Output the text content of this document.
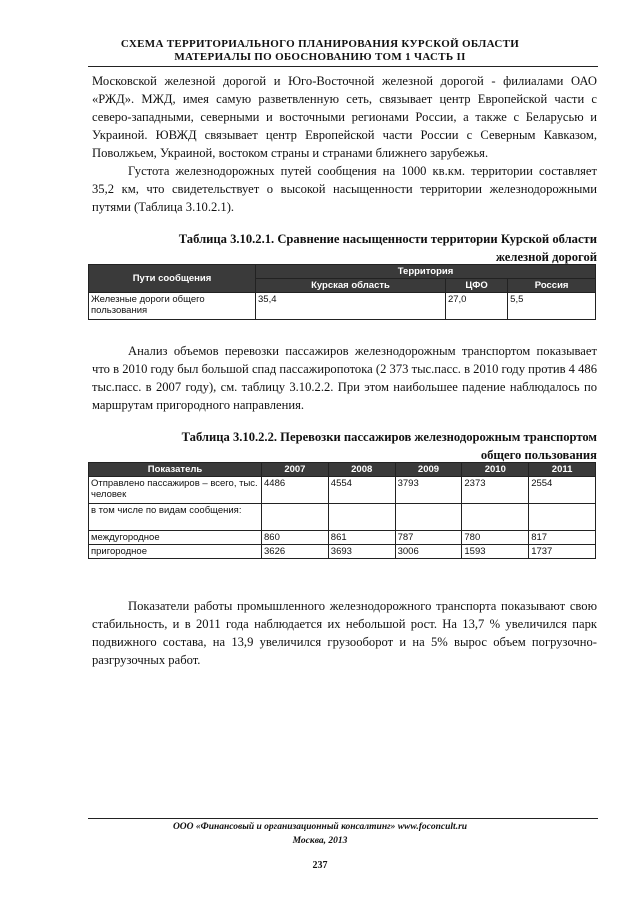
СХЕМА ТЕРРИТОРИАЛЬНОГО ПЛАНИРОВАНИЯ КУРСКОЙ ОБЛАСТИ
МАТЕРИАЛЫ ПО ОБОСНОВАНИЮ ТОМ 1 ЧАСТЬ II
Московской железной дорогой и Юго-Восточной железной дорогой - филиалами ОАО «РЖД». МЖД, имея самую разветвленную сеть, связывает центр Европейской части с северо-западными, северными и восточными регионами России, а также с Беларусью и Украиной. ЮВЖД связывает центр Европейской части России с Северным Кавказом, Поволжьем, Украиной, востоком страны и странами ближнего зарубежья.
Густота железнодорожных путей сообщения на 1000 кв.км. территории составляет 35,2 км, что свидетельствует о высокой насыщенности территории железнодорожными путями (Таблица 3.10.2.1).
Таблица 3.10.2.1. Сравнение насыщенности территории Курской области
железной дорогой
Пути сообщения	Территория		
	Курская область	ЦФО	Россия
Железные дороги общего пользования	35,4	27,0	5,5
Анализ объемов перевозки пассажиров железнодорожным транспортом показывает что в 2010 году был большой спад пассажиропотока (2 373 тыс.пасс. в 2010 году против 4 486 тыс.пасс. в 2007 году), см. таблицу 3.10.2.2. При этом наибольшее падение наблюдалось по маршрутам пригородного направления.
Таблица 3.10.2.2. Перевозки пассажиров железнодорожным транспортом
общего пользования
Показатель	2007	2008	2009	2010	2011
Отправлено пассажиров – всего, тыс. человек	4486	4554	3793	2373	2554
в том числе по видам сообщения:					
междугородное	860	861	787	780	817
пригородное	3626	3693	3006	1593	1737
Показатели работы промышленного железнодорожного транспорта показывают свою стабильность, и в 2011 года наблюдается их небольшой рост. На 13,7 % увеличился парк подвижного состава, на 13,9 увеличился грузооборот и на 5% вырос объем погрузочно-разгрузочных работ.
ООО «Финансовый и организационный консалтинг» www.foconcult.ru
Москва, 2013
237
